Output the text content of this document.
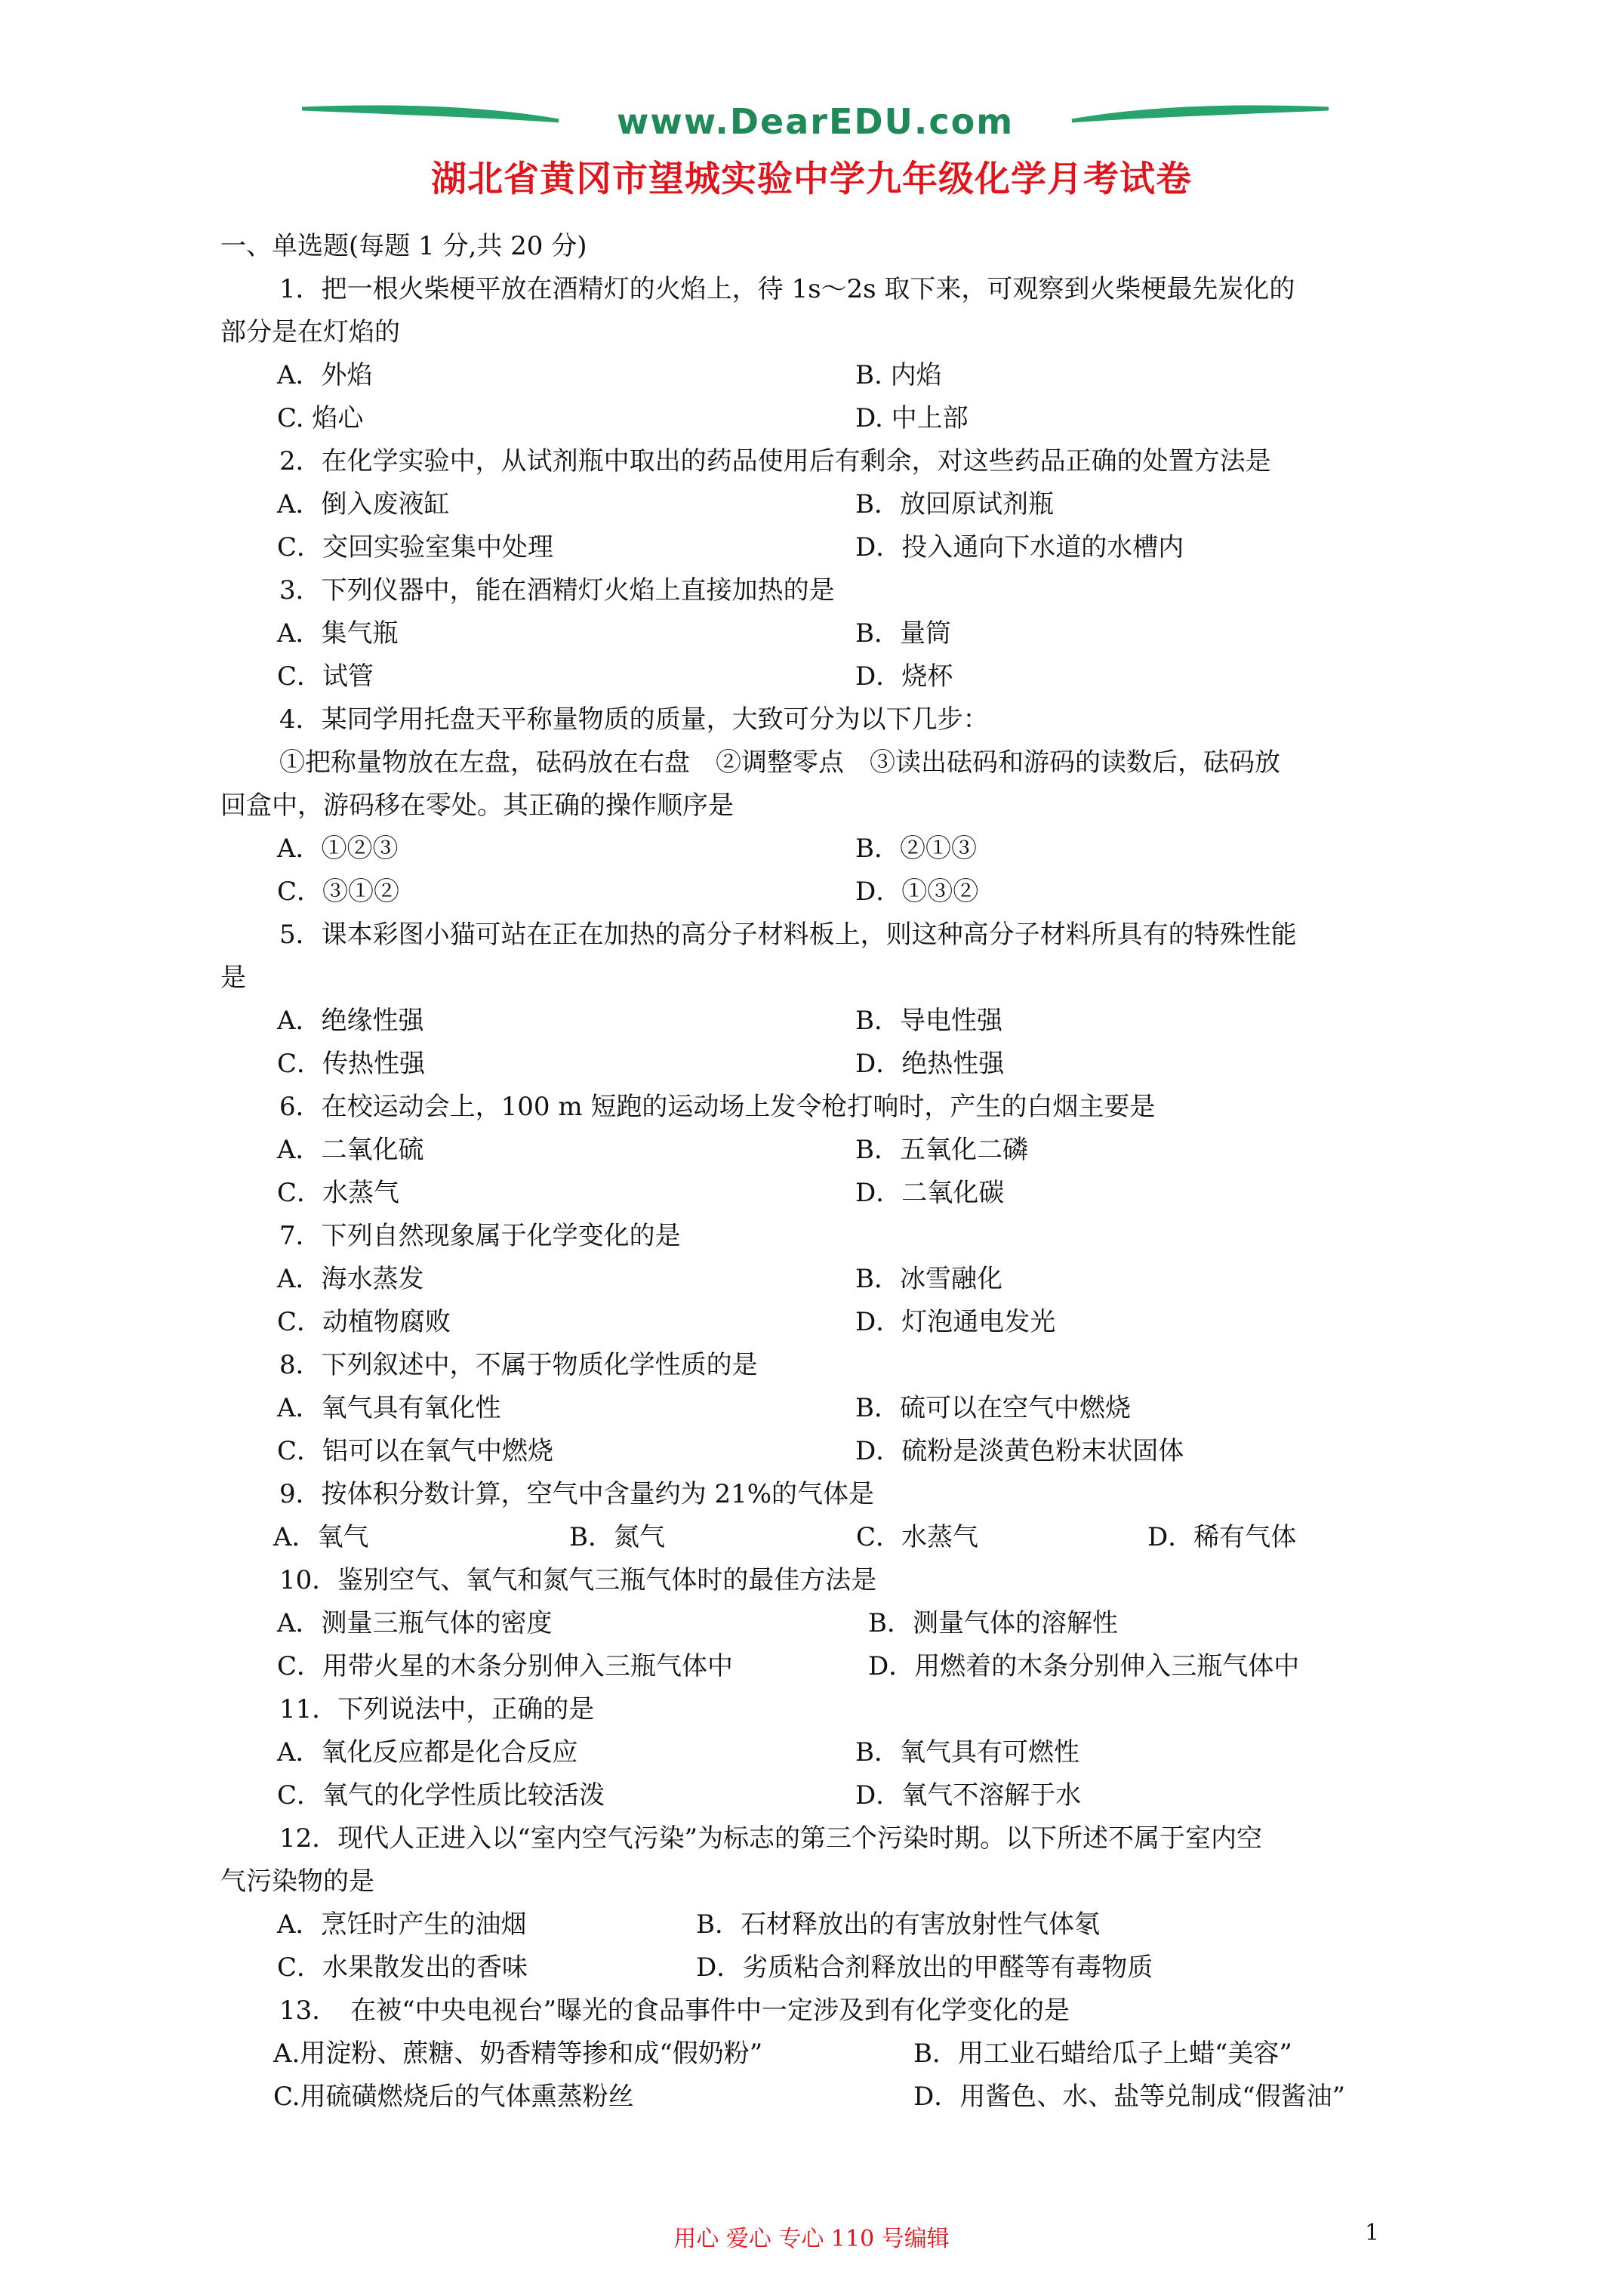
www.DearEDU.com
湖北省黄冈市望城实验中学九年级化学月考试卷
一、单选题(每题 1 分,共 20 分)
1．把一根火柴梗平放在酒精灯的火焰上，待 1s～2s 取下来，可观察到火柴梗最先炭化的
部分是在灯焰的
A．外焰	B. 内焰
C. 焰心	D. 中上部
2．在化学实验中，从试剂瓶中取出的药品使用后有剩余，对这些药品正确的处置方法是
A．倒入废液缸	B．放回原试剂瓶
C．交回实验室集中处理	D．投入通向下水道的水槽内
3．下列仪器中，能在酒精灯火焰上直接加热的是
A．集气瓶	B．量筒
C．试管	D．烧杯
4．某同学用托盘天平称量物质的质量，大致可分为以下几步：
①把称量物放在左盘，砝码放在右盘　②调整零点　③读出砝码和游码的读数后，砝码放
回盒中，游码移在零处。其正确的操作顺序是
A．①②③	B．②①③
C．③①②	D．①③②
5．课本彩图小猫可站在正在加热的高分子材料板上，则这种高分子材料所具有的特殊性能
是
A．绝缘性强	B．导电性强
C．传热性强	D．绝热性强
6．在校运动会上，100 m 短跑的运动场上发令枪打响时，产生的白烟主要是
A．二氧化硫	B．五氧化二磷
C．水蒸气	D．二氧化碳
7．下列自然现象属于化学变化的是
A．海水蒸发	B．冰雪融化
C．动植物腐败	D．灯泡通电发光
8．下列叙述中，不属于物质化学性质的是
A．氧气具有氧化性	B．硫可以在空气中燃烧
C．铝可以在氧气中燃烧	D．硫粉是淡黄色粉末状固体
9．按体积分数计算，空气中含量约为 21%的气体是
A．氧气	B．氮气	C．水蒸气	D．稀有气体
10．鉴别空气、氧气和氮气三瓶气体时的最佳方法是
A．测量三瓶气体的密度	B．测量气体的溶解性
C．用带火星的木条分别伸入三瓶气体中	D．用燃着的木条分别伸入三瓶气体中
11．下列说法中，正确的是
A．氧化反应都是化合反应	B．氧气具有可燃性
C．氧气的化学性质比较活泼	D．氧气不溶解于水
12．现代人正进入以“室内空气污染”为标志的第三个污染时期。以下所述不属于室内空
气污染物的是
A．烹饪时产生的油烟	B．石材释放出的有害放射性气体氡
C．水果散发出的香味	D．劣质粘合剂释放出的甲醛等有毒物质
13．　在被“中央电视台”曝光的食品事件中一定涉及到有化学变化的是
A.用淀粉、蔗糖、奶香精等掺和成“假奶粉”	B．用工业石蜡给瓜子上蜡“美容”
C.用硫磺燃烧后的气体熏蒸粉丝	D．用酱色、水、盐等兑制成“假酱油”
用心 爱心 专心 110 号编辑	1
